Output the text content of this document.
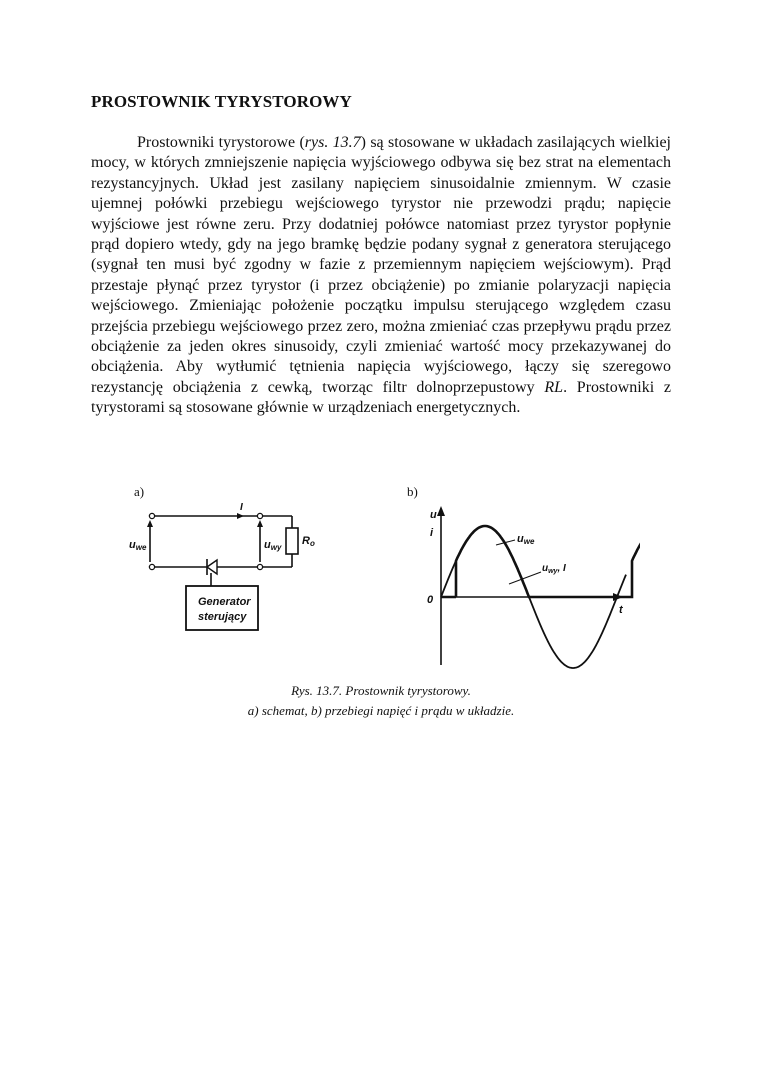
PROSTOWNIK TYRYSTOROWY

Prostowniki tyrystorowe (rys. 13.7) są stosowane w układach zasilających wielkiej mocy, w których zmniejszenie napięcia wyjściowego odbywa się bez strat na elementach rezystancyjnych. Układ jest zasilany napięciem sinusoidalnie zmiennym. W czasie ujemnej połówki przebiegu wejściowego tyrystor nie przewodzi prądu; napięcie wyjściowe jest równe zeru. Przy dodatniej połówce natomiast przez tyrystor popłynie prąd dopiero wtedy, gdy na jego bramkę będzie podany sygnał z generatora sterującego (sygnał ten musi być zgodny w fazie z przemiennym napięciem wejściowym). Prąd przestaje płynąć przez tyrystor (i przez obciążenie) po zmianie polaryzacji napięcia wejściowego. Zmieniając położenie początku impulsu sterującego względem czasu przejścia przebiegu wejściowego przez zero, można zmieniać czas przepływu prądu przez obciążenie za jeden okres sinusoidy, czyli zmieniać wartość mocy przekazywanej do obciążenia. Aby wytłumić tętnienia napięcia wyjściowego, łączy się szeregowo rezystancję obciążenia z cewką, tworząc filtr dolnoprzepustowy RL. Prostowniki z tyrystorami są stosowane głównie w urządzeniach energetycznych.

a)	b)
I
uwe	uwy
Ro
Generator
sterujący
u
i
0
t
uwe
$u_{wy}$, I

Rys. 13.7. Prostownik tyrystorowy.

a) schemat, b) przebiegi napięć i prądu w układzie.
